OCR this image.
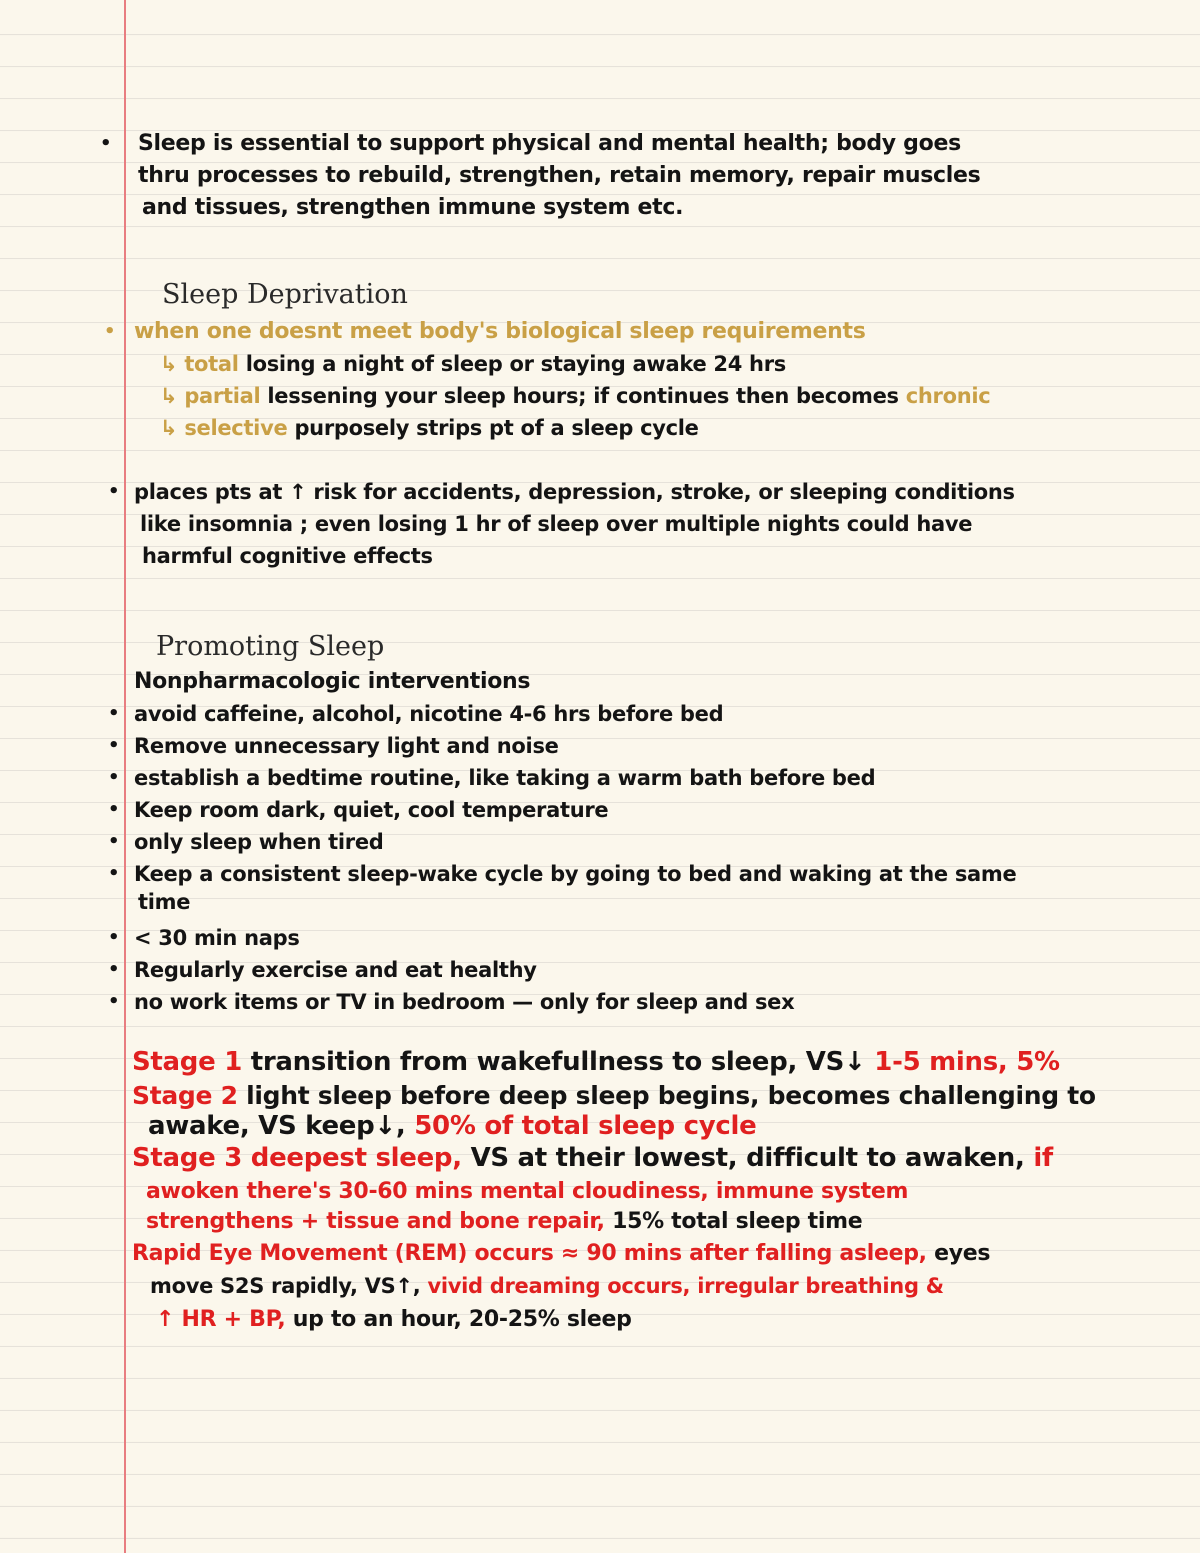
• Sleep is essential to support physical and mental health; body goes
thru processes to rebuild, strengthen, retain memory, repair muscles
and tissues, strengthen immune system etc.
Sleep Deprivation
• when one doesnt meet body's biological sleep requirements
↳ total losing a night of sleep or staying awake 24 hrs
↳ partial lessening your sleep hours; if continues then becomes chronic
↳ selective purposely strips pt of a sleep cycle
• places pts at ↑ risk for accidents, depression, stroke, or sleeping conditions
like insomnia ; even losing 1 hr of sleep over multiple nights could have
harmful cognitive effects
Promoting Sleep
Nonpharmacologic interventions
• avoid caffeine, alcohol, nicotine 4-6 hrs before bed
• Remove unnecessary light and noise
• establish a bedtime routine, like taking a warm bath before bed
• Keep room dark, quiet, cool temperature
• only sleep when tired
• Keep a consistent sleep-wake cycle by going to bed and waking at the same
time
• < 30 min naps
• Regularly exercise and eat healthy
• no work items or TV in bedroom — only for sleep and sex
Stage 1 transition from wakefullness to sleep, VS↓ 1-5 mins, 5%
Stage 2 light sleep before deep sleep begins, becomes challenging to
awake, VS keep↓, 50% of total sleep cycle
Stage 3 deepest sleep, VS at their lowest, difficult to awaken, if
awoken there's 30-60 mins mental cloudiness, immune system
strengthens + tissue and bone repair, 15% total sleep time
Rapid Eye Movement (REM) occurs ≈ 90 mins after falling asleep, eyes
move S2S rapidly, VS↑, vivid dreaming occurs, irregular breathing &
↑ HR + BP, up to an hour, 20-25% sleep
